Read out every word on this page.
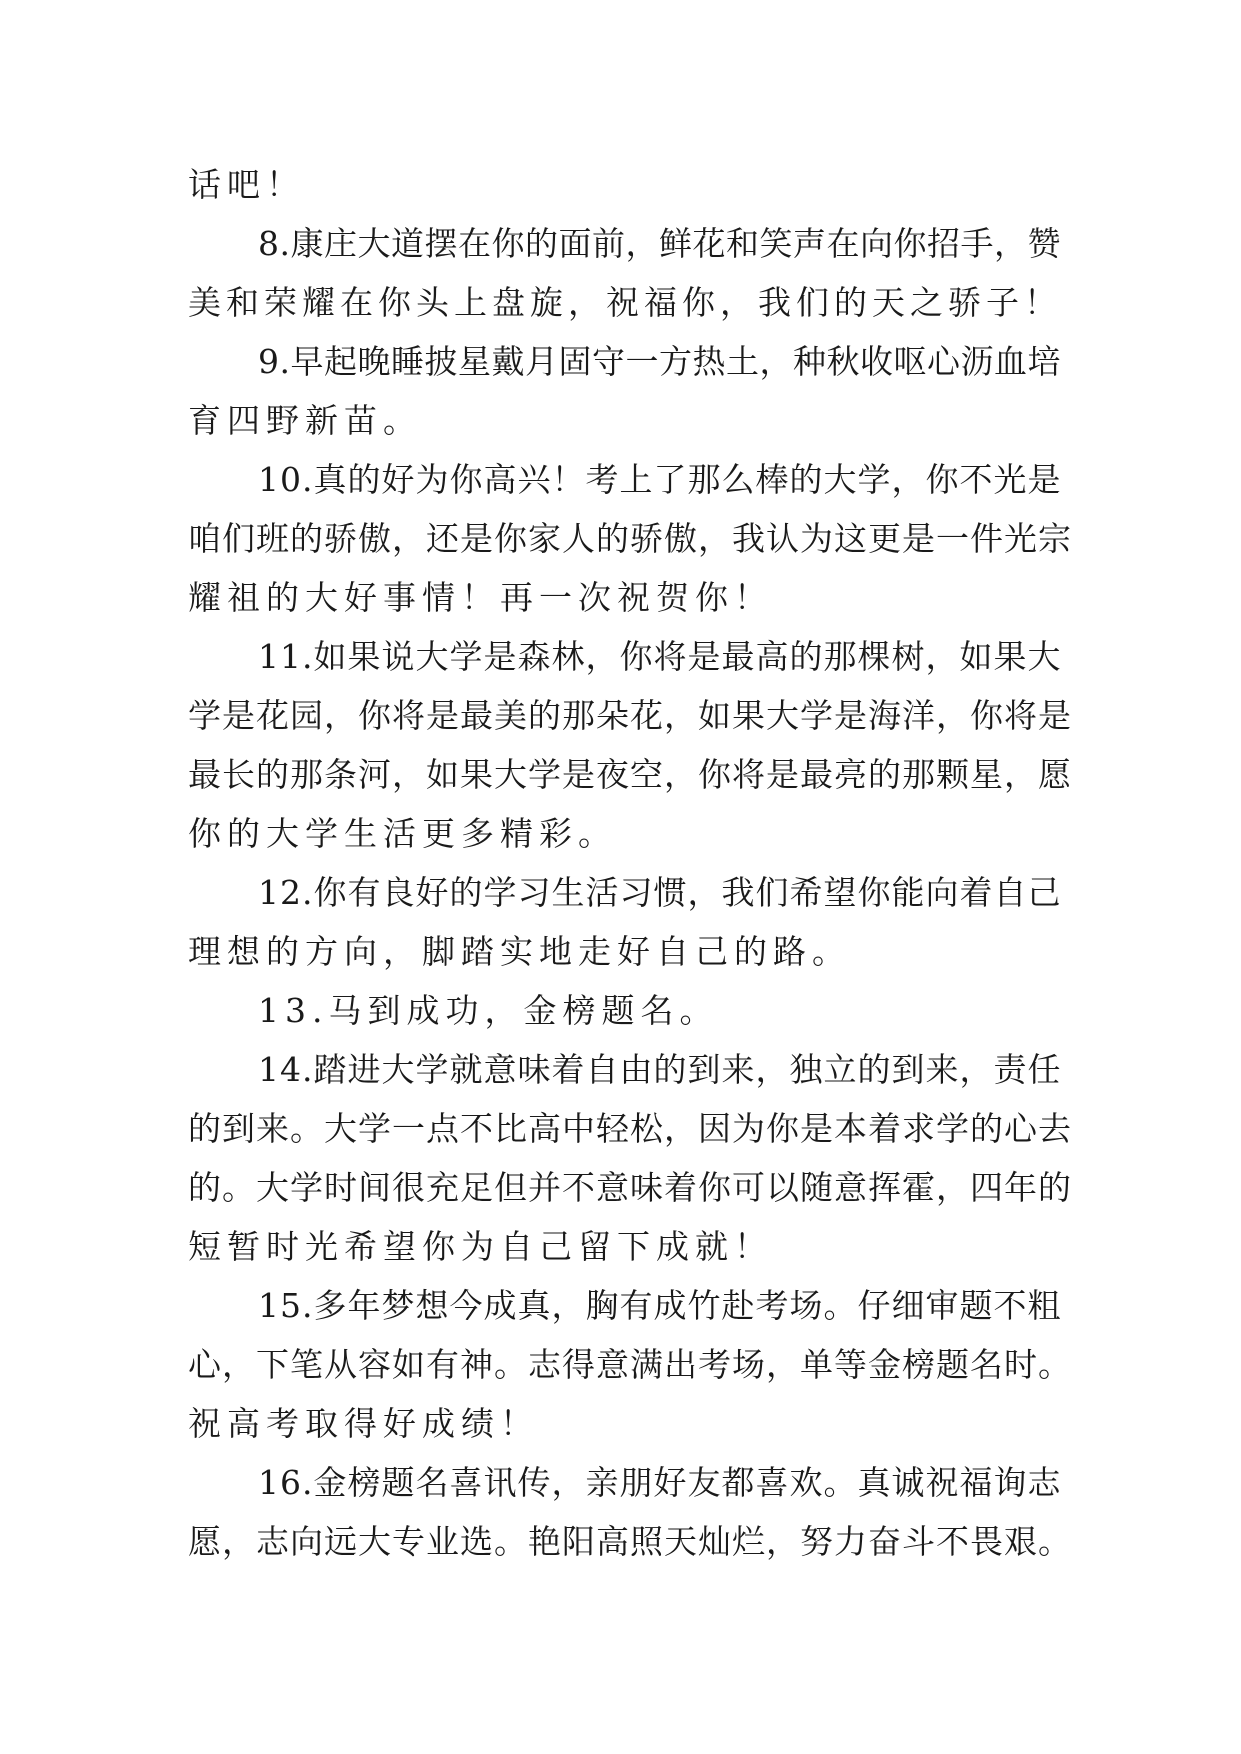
话吧！
8.康庄大道摆在你的面前，鲜花和笑声在向你招手，赞
美和荣耀在你头上盘旋，祝福你，我们的天之骄子！
9.早起晚睡披星戴月固守一方热土，种秋收呕心沥血培
育四野新苗。
10.真的好为你高兴！考上了那么棒的大学，你不光是
咱们班的骄傲，还是你家人的骄傲，我认为这更是一件光宗
耀祖的大好事情！再一次祝贺你！
11.如果说大学是森林，你将是最高的那棵树，如果大
学是花园，你将是最美的那朵花，如果大学是海洋，你将是
最长的那条河，如果大学是夜空，你将是最亮的那颗星，愿
你的大学生活更多精彩。
12.你有良好的学习生活习惯，我们希望你能向着自己
理想的方向，脚踏实地走好自己的路。
13.马到成功，金榜题名。
14.踏进大学就意味着自由的到来，独立的到来，责任
的到来。大学一点不比高中轻松，因为你是本着求学的心去
的。大学时间很充足但并不意味着你可以随意挥霍，四年的
短暂时光希望你为自己留下成就！
15.多年梦想今成真，胸有成竹赴考场。仔细审题不粗
心，下笔从容如有神。志得意满出考场，单等金榜题名时。
祝高考取得好成绩！
16.金榜题名喜讯传，亲朋好友都喜欢。真诚祝福询志
愿，志向远大专业选。艳阳高照天灿烂，努力奋斗不畏艰。
